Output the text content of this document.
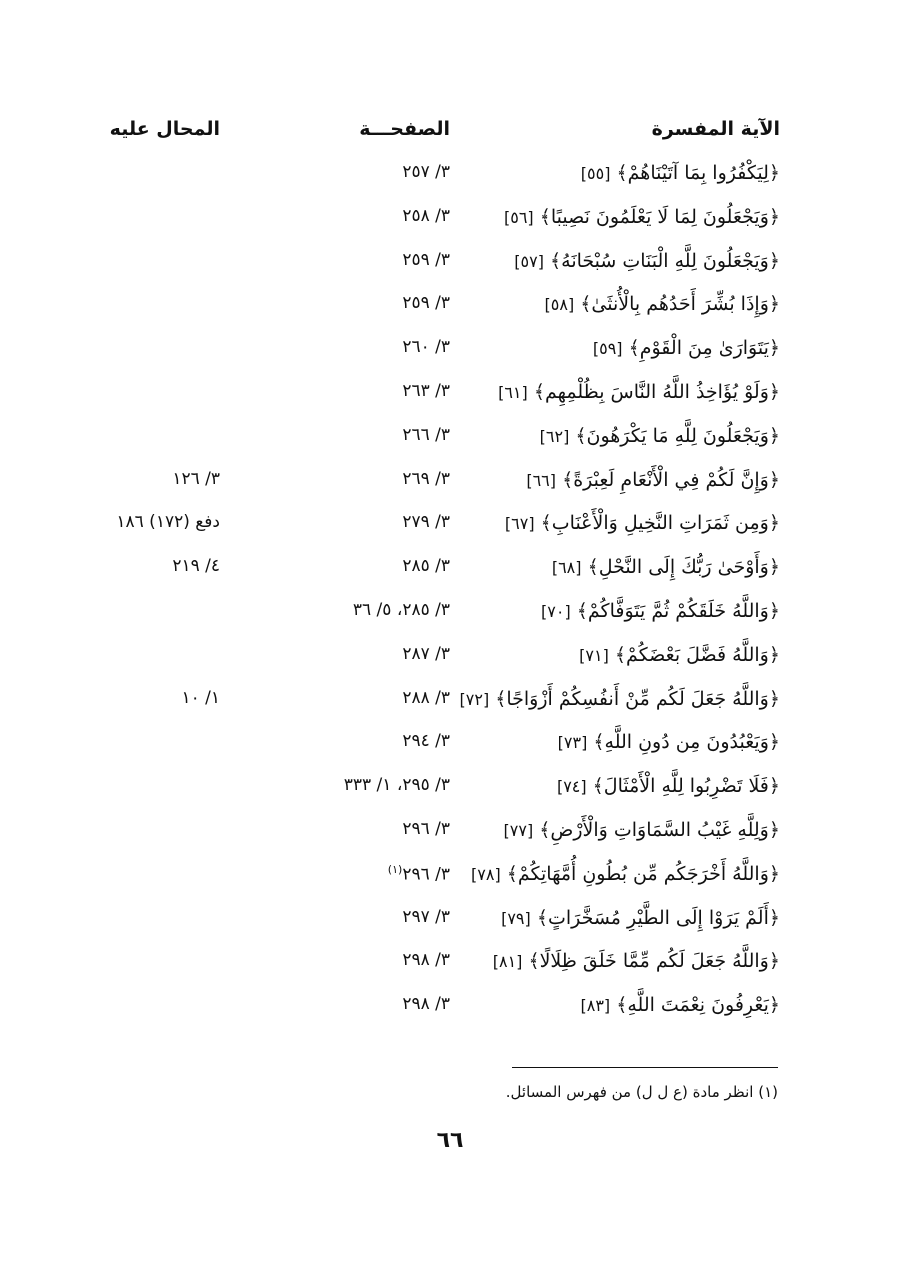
الآية المفسرة
الصفحـــة
المحال عليه
﴿لِيَكْفُرُوا بِمَا آتَيْنَاهُمْ﴾ [٥٥]
٣/ ٢٥٧
﴿وَيَجْعَلُونَ لِمَا لَا يَعْلَمُونَ نَصِيبًا﴾ [٥٦]
٣/ ٢٥٨
﴿وَيَجْعَلُونَ لِلَّهِ الْبَنَاتِ سُبْحَانَهُ﴾ [٥٧]
٣/ ٢٥٩
﴿وَإِذَا بُشِّرَ أَحَدُهُم بِالْأُنثَىٰ﴾ [٥٨]
٣/ ٢٥٩
﴿يَتَوَارَىٰ مِنَ الْقَوْمِ﴾ [٥٩]
٣/ ٢٦٠
﴿وَلَوْ يُؤَاخِذُ اللَّهُ النَّاسَ بِظُلْمِهِم﴾ [٦١]
٣/ ٢٦٣
﴿وَيَجْعَلُونَ لِلَّهِ مَا يَكْرَهُونَ﴾ [٦٢]
٣/ ٢٦٦
﴿وَإِنَّ لَكُمْ فِي الْأَنْعَامِ لَعِبْرَةً﴾ [٦٦]
٣/ ٢٦٩
٣/ ١٢٦
﴿وَمِن ثَمَرَاتِ النَّخِيلِ وَالْأَعْنَابِ﴾ [٦٧]
٣/ ٢٧٩
دفع (١٧٢) ١٨٦
﴿وَأَوْحَىٰ رَبُّكَ إِلَى النَّحْلِ﴾ [٦٨]
٣/ ٢٨٥
٤/ ٢١٩
﴿وَاللَّهُ خَلَقَكُمْ ثُمَّ يَتَوَفَّاكُمْ﴾ [٧٠]
٣/ ٢٨٥، ٥/ ٣٦
﴿وَاللَّهُ فَضَّلَ بَعْضَكُمْ﴾ [٧١]
٣/ ٢٨٧
﴿وَاللَّهُ جَعَلَ لَكُم مِّنْ أَنفُسِكُمْ أَزْوَاجًا﴾ [٧٢]
٣/ ٢٨٨
١/ ١٠
﴿وَيَعْبُدُونَ مِن دُونِ اللَّهِ﴾ [٧٣]
٣/ ٢٩٤
﴿فَلَا تَضْرِبُوا لِلَّهِ الْأَمْثَالَ﴾ [٧٤]
٣/ ٢٩٥، ١/ ٣٣٣
﴿وَلِلَّهِ غَيْبُ السَّمَاوَاتِ وَالْأَرْضِ﴾ [٧٧]
٣/ ٢٩٦
﴿وَاللَّهُ أَخْرَجَكُم مِّن بُطُونِ أُمَّهَاتِكُمْ﴾ [٧٨]
٣/ ٢٩٦$^{(١)}$
﴿أَلَمْ يَرَوْا إِلَى الطَّيْرِ مُسَخَّرَاتٍ﴾ [٧٩]
٣/ ٢٩٧
﴿وَاللَّهُ جَعَلَ لَكُم مِّمَّا خَلَقَ ظِلَالًا﴾ [٨١]
٣/ ٢٩٨
﴿يَعْرِفُونَ نِعْمَتَ اللَّهِ﴾ [٨٣]
٣/ ٢٩٨
(١) انظر مادة (ع ل ل) من فهرس المسائل.
٦٦
